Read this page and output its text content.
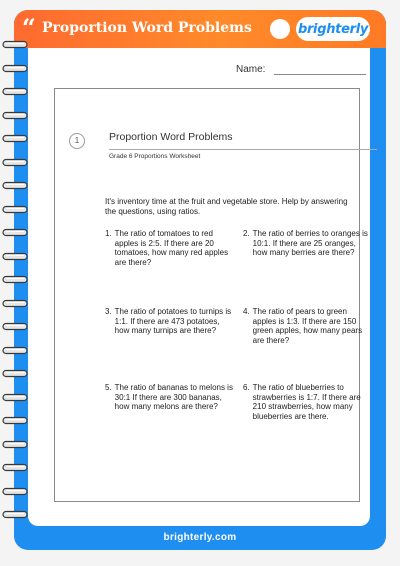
“ Proportion Word Problems	brighterly
Name:
1	Proportion Word Problems
Grade 6 Proportions Worksheet
It's inventory time at the fruit and vegetable store. Help by answering the questions, using ratios.
1. The ratio of tomatoes to red apples is 2:5. If there are 20 tomatoes, how many red apples are there?
2. The ratio of berries to oranges is 10:1. If there are 25 oranges, how many berries are there?
3. The ratio of potatoes to turnips is 1:1. If there are 473 potatoes, how many turnips are there?
4. The ratio of pears to green apples is 1:3. If there are 150 green apples, how many pears are there?
5. The ratio of bananas to melons is 30:1 If there are 300 bananas, how many melons are there?
6. The ratio of blueberries to strawberries is 1:7. If there are 210 strawberries, how many blueberries are there.
brighterly.com
